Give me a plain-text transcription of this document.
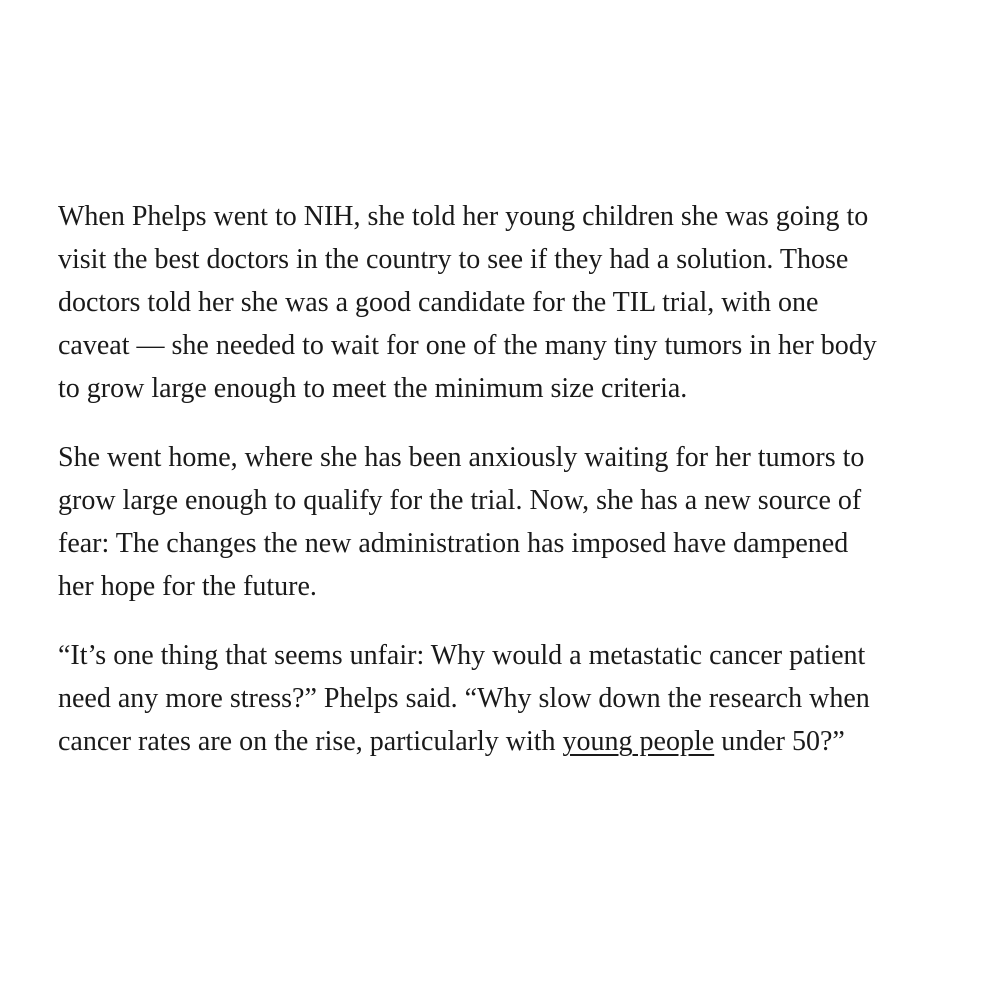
When Phelps went to NIH, she told her young children she was going to
visit the best doctors in the country to see if they had a solution. Those
doctors told her she was a good candidate for the TIL trial, with one
caveat — she needed to wait for one of the many tiny tumors in her body
to grow large enough to meet the minimum size criteria.

She went home, where she has been anxiously waiting for her tumors to
grow large enough to qualify for the trial. Now, she has a new source of
fear: The changes the new administration has imposed have dampened
her hope for the future.

“It’s one thing that seems unfair: Why would a metastatic cancer patient
need any more stress?” Phelps said. “Why slow down the research when
cancer rates are on the rise, particularly with young people under 50?”
